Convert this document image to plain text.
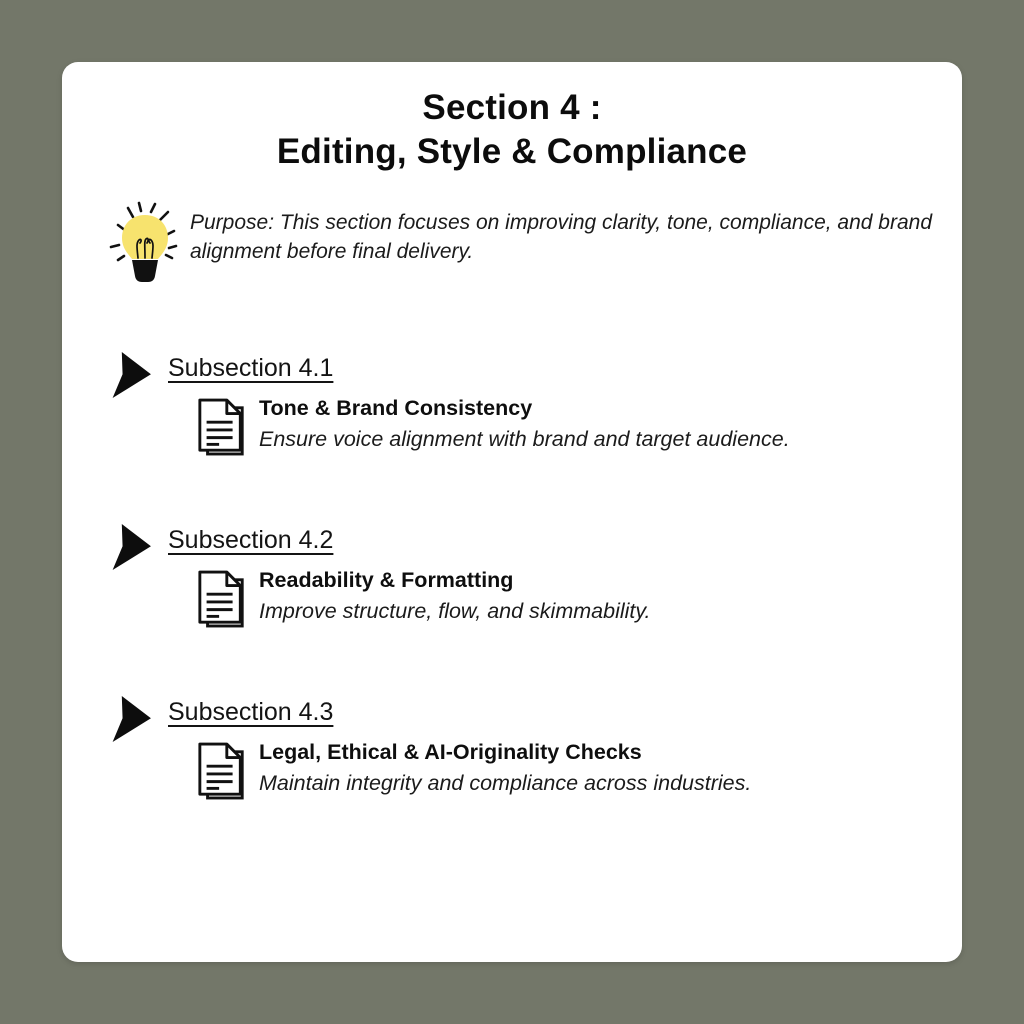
Section 4 :
Editing, Style & Compliance
Purpose: This section focuses on improving clarity, tone, compliance, and brand alignment before final delivery.
Subsection 4.1
Tone & Brand Consistency
Ensure voice alignment with brand and target audience.
Subsection 4.2
Readability & Formatting
Improve structure, flow, and skimmability.
Subsection 4.3
Legal, Ethical & AI-Originality Checks
Maintain integrity and compliance across industries.
